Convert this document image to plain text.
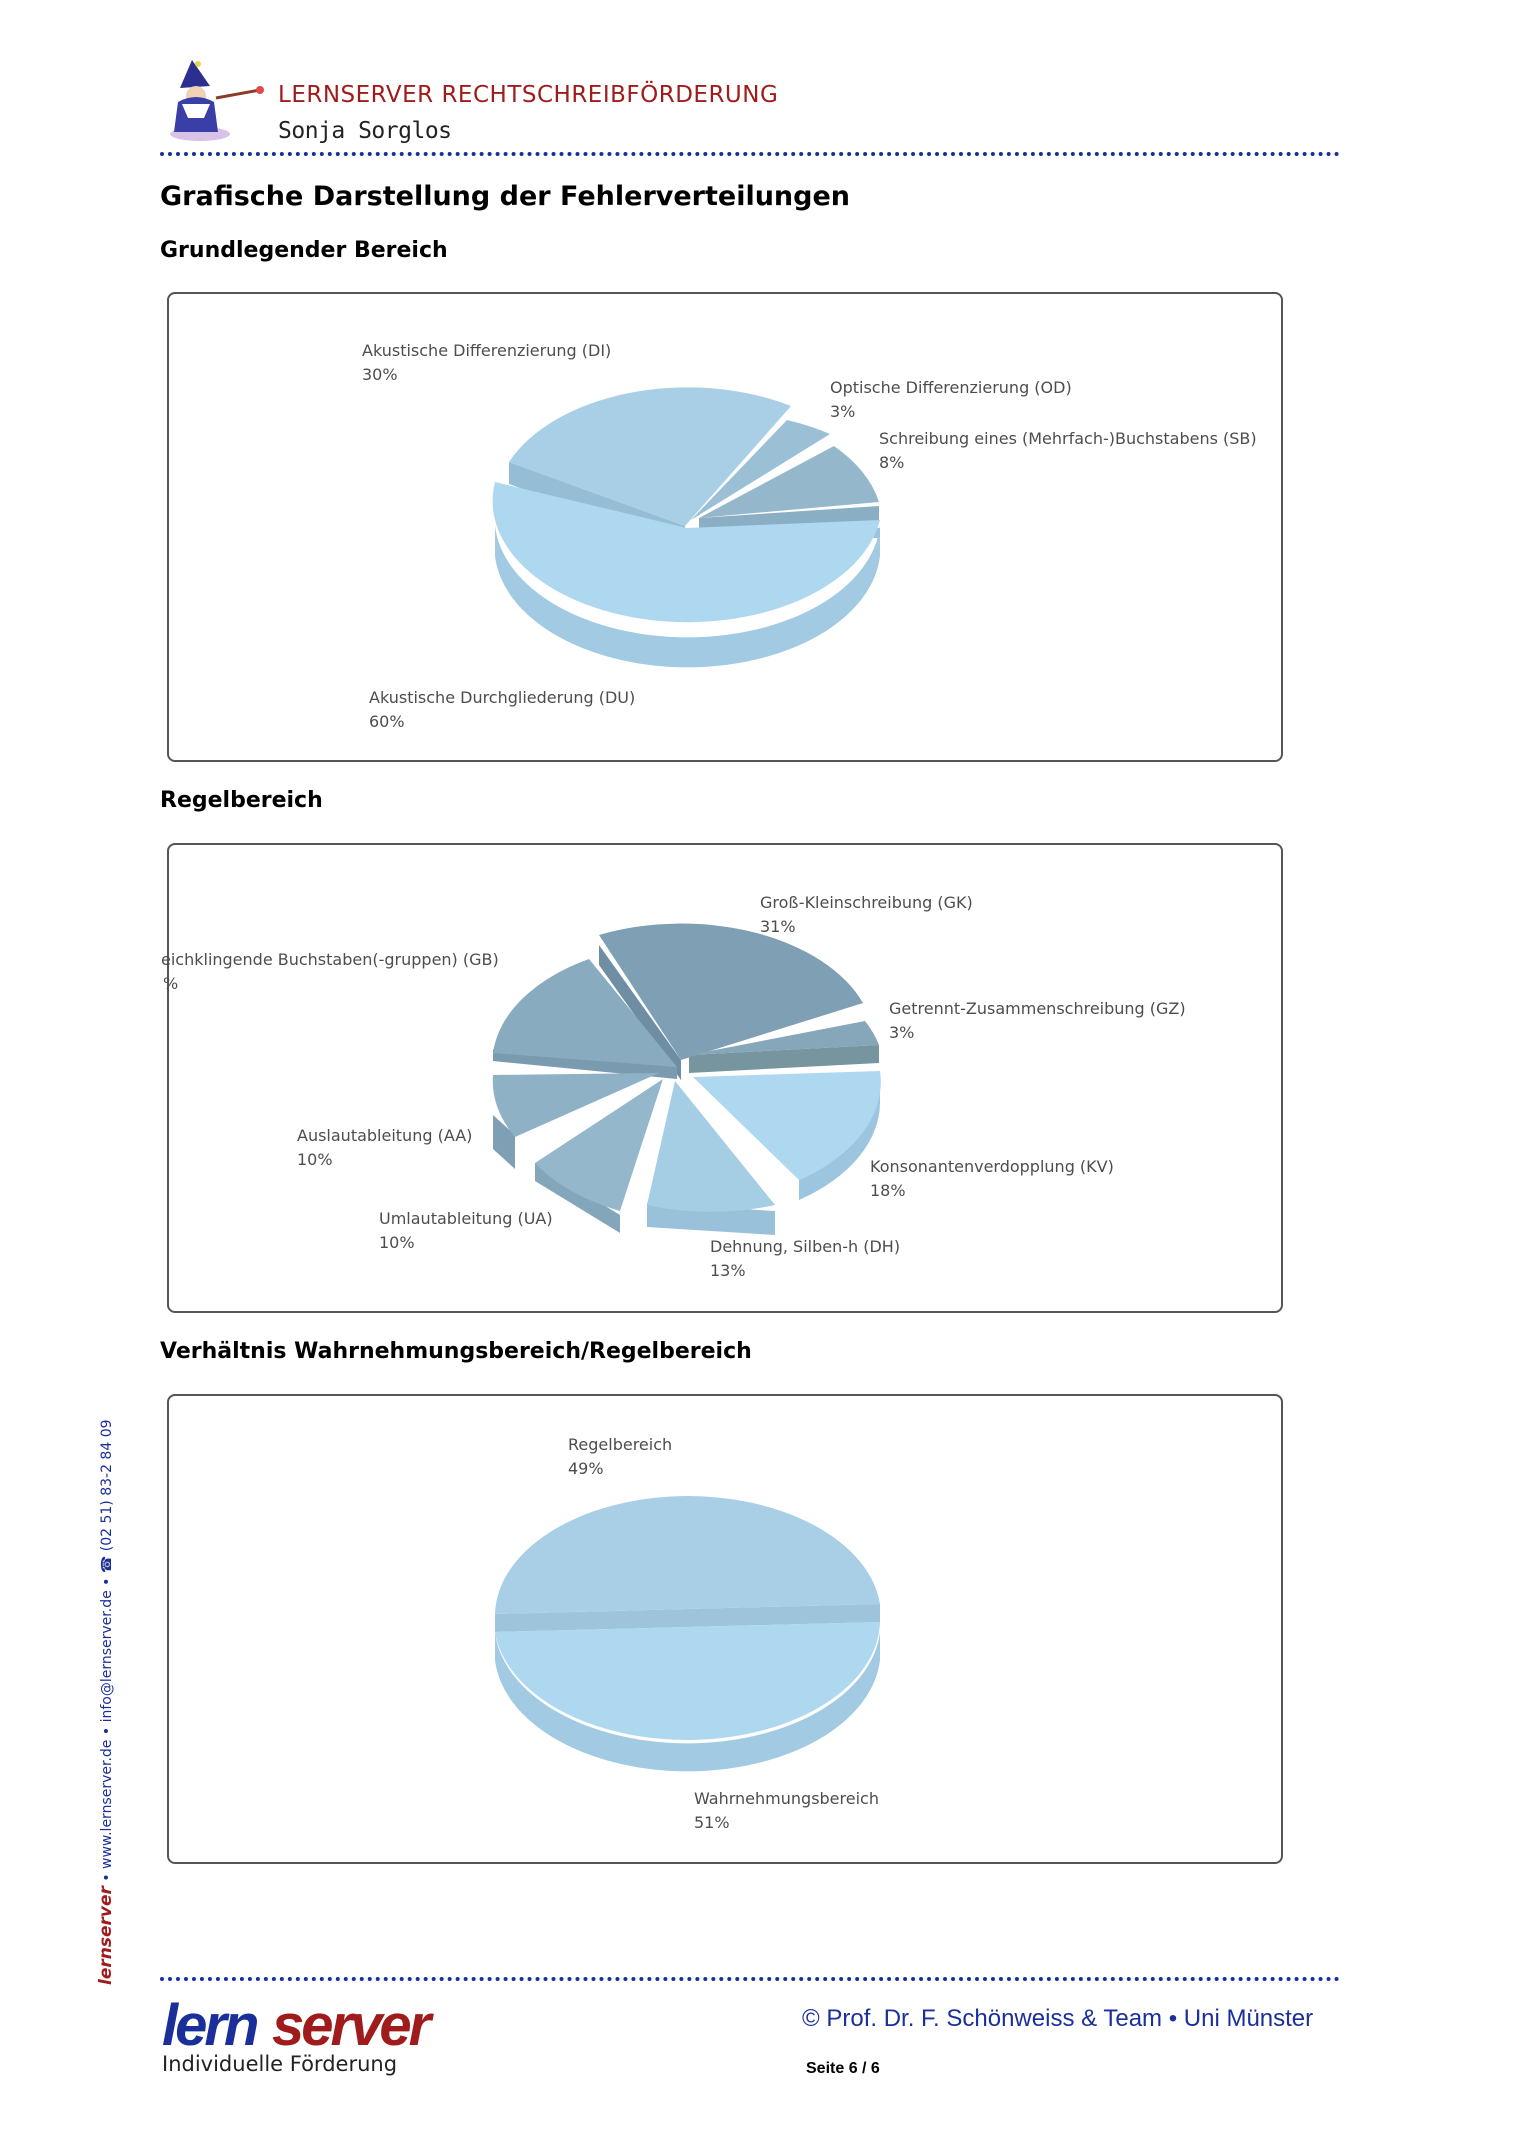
LERNSERVER RECHTSCHREIBFÖRDERUNG
Sonja Sorglos
Grafische Darstellung der Fehlerverteilungen
Grundlegender Bereich
Akustische Differenzierung (DI)
30%
Optische Differenzierung (OD)
3%
Schreibung eines (Mehrfach-)Buchstabens (SB)
8%
Akustische Durchgliederung (DU)
60%
Regelbereich
Groß-Kleinschreibung (GK)
31%
Getrennt-Zusammenschreibung (GZ)
3%
eichklingende Buchstaben(-gruppen) (GB)
%
Auslautableitung (AA)
10%	Konsonantenverdopplung (KV)
18%
Umlautableitung (UA)
10%	Dehnung, Silben-h (DH)
13%
Verhältnis Wahrnehmungsbereich/Regelbereich
Regelbereich
49%
Wahrnehmungsbereich
51%
lernserver • www.lernserver.de • info@lernserver.de • ☎ (02 51) 83-2 84 09
lern server
Individuelle Förderung
© Prof. Dr. F. Schönweiss & Team • Uni Münster
Seite 6 / 6
